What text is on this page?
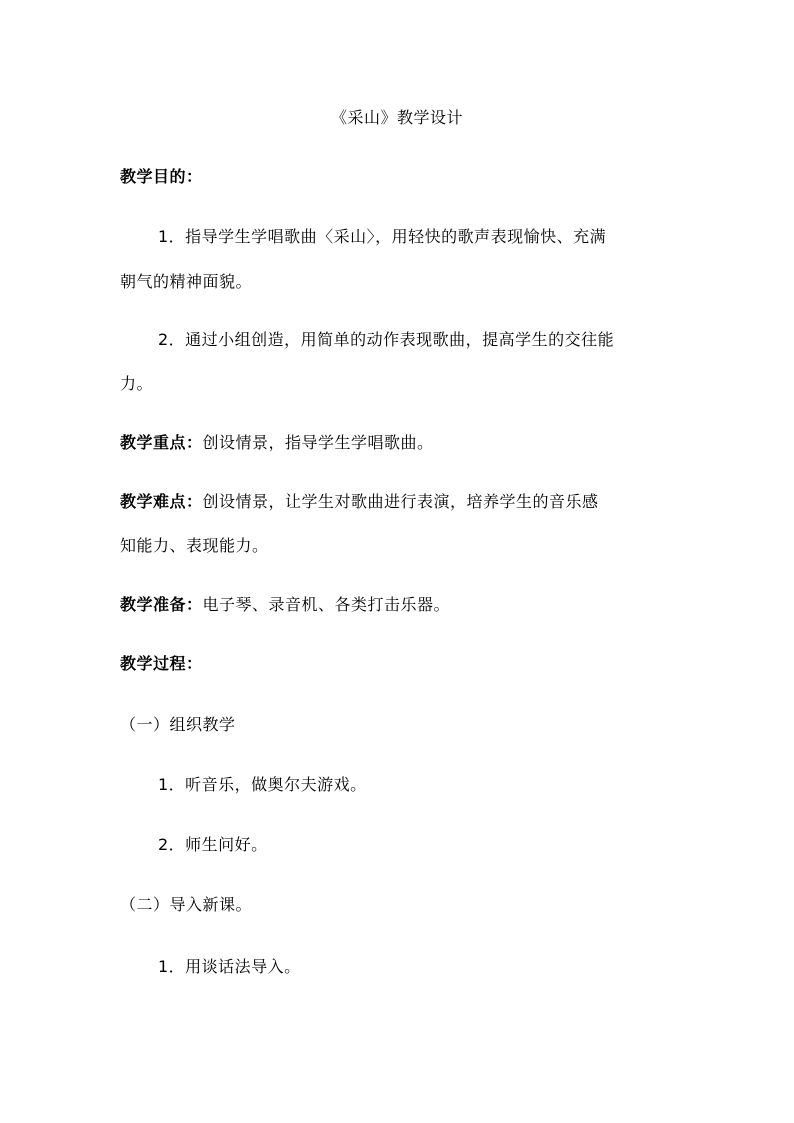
《采山》教学设计
教学目的：
1．指导学生学唱歌曲〈采山〉，用轻快的歌声表现愉快、充满
朝气的精神面貌。
2．通过小组创造，用简单的动作表现歌曲，提高学生的交往能
力。
教学重点：创设情景，指导学生学唱歌曲。
教学难点：创设情景，让学生对歌曲进行表演，培养学生的音乐感
知能力、表现能力。
教学准备：电子琴、录音机、各类打击乐器。
教学过程：
（一）组织教学
1．听音乐，做奥尔夫游戏。
2．师生问好。
（二）导入新课。
1．用谈话法导入。
